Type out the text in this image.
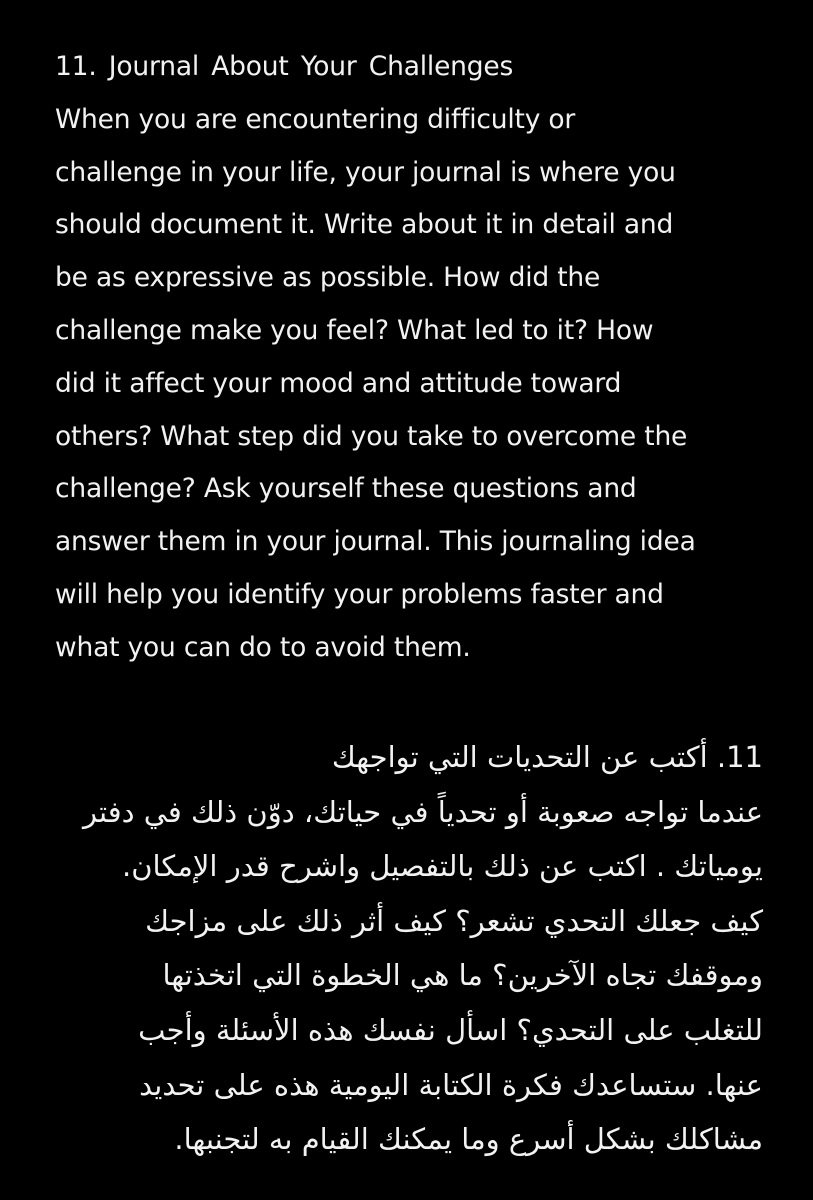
11. Journal About Your Challenges
When you are encountering difficulty or
challenge in your life, your journal is where you
should document it. Write about it in detail and
be as expressive as possible. How did the
challenge make you feel? What led to it? How
did it affect your mood and attitude toward
others? What step did you take to overcome the
challenge? Ask yourself these questions and
answer them in your journal. This journaling idea
will help you identify your problems faster and
what you can do to avoid them.
11. أكتب عن التحديات التي تواجهك
عندما تواجه صعوبة أو تحدياً في حياتك، دوّن ذلك في دفتر
يومياتك . اكتب عن ذلك بالتفصيل واشرح قدر الإمكان.
كيف جعلك التحدي تشعر؟ كيف أثر ذلك على مزاجك
وموقفك تجاه الآخرين؟ ما هي الخطوة التي اتخذتها
للتغلب على التحدي؟ اسأل نفسك هذه الأسئلة وأجب
عنها. ستساعدك فكرة الكتابة اليومية هذه على تحديد
مشاكلك بشكل أسرع وما يمكنك القيام به لتجنبها.
